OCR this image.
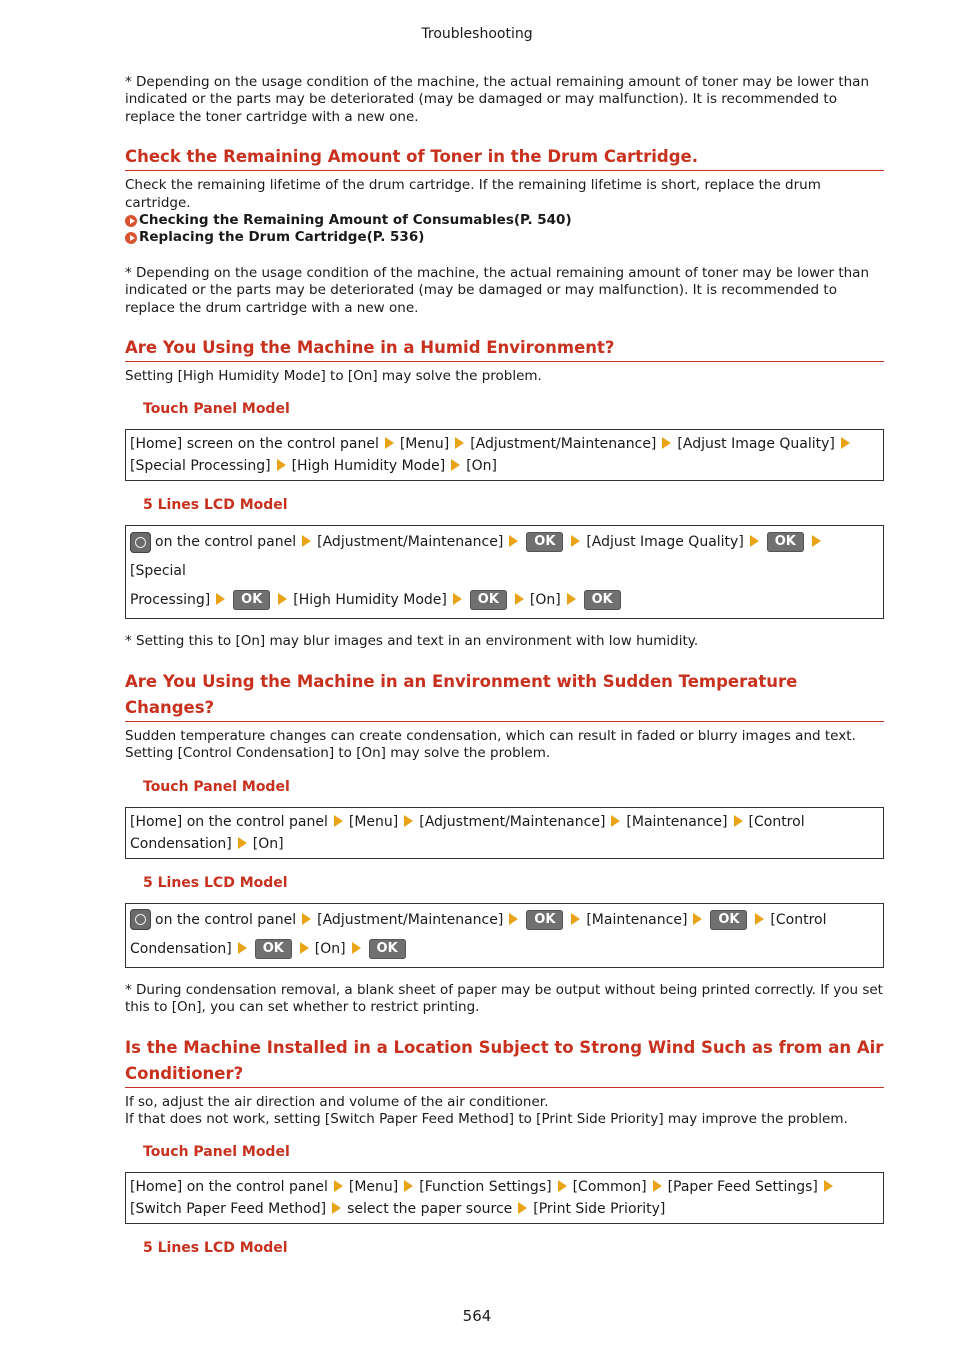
Troubleshooting

* Depending on the usage condition of the machine, the actual remaining amount of toner may be lower than indicated or the parts may be deteriorated (may be damaged or may malfunction). It is recommended to replace the toner cartridge with a new one.

Check the Remaining Amount of Toner in the Drum Cartridge.

Check the remaining lifetime of the drum cartridge. If the remaining lifetime is short, replace the drum cartridge.

Checking the Remaining Amount of Consumables(P. 540)
Replacing the Drum Cartridge(P. 536)

* Depending on the usage condition of the machine, the actual remaining amount of toner may be lower than indicated or the parts may be deteriorated (may be damaged or may malfunction). It is recommended to replace the drum cartridge with a new one.

Are You Using the Machine in a Humid Environment?

Setting [High Humidity Mode] to [On] may solve the problem.

Touch Panel Model
[Home] screen on the control panel [Menu] [Adjustment/Maintenance] [Adjust Image Quality]
[Special Processing] [High Humidity Mode] [On]
5 Lines LCD Model
on the control panel [Adjustment/Maintenance] OK [Adjust Image Quality] OK[Special
Processing] OK [High Humidity Mode] OK [On] OK

* Setting this to [On] may blur images and text in an environment with low humidity.

Are You Using the Machine in an Environment with Sudden Temperature Changes?

Sudden temperature changes can create condensation, which can result in faded or blurry images and text.

Setting [Control Condensation] to [On] may solve the problem.

Touch Panel Model
[Home] on the control panel [Menu] [Adjustment/Maintenance] [Maintenance] [Control Condensation] [On]
5 Lines LCD Model
on the control panel [Adjustment/Maintenance] OK [Maintenance] OK [Control
Condensation] OK [On] OK

* During condensation removal, a blank sheet of paper may be output without being printed correctly. If you set this to [On], you can set whether to restrict printing.

Is the Machine Installed in a Location Subject to Strong Wind Such as from an Air Conditioner?

If so, adjust the air direction and volume of the air conditioner.

If that does not work, setting [Switch Paper Feed Method] to [Print Side Priority] may improve the problem.

Touch Panel Model
[Home] on the control panel [Menu] [Function Settings] [Common] [Paper Feed Settings][Switch Paper Feed Method] select the paper source [Print Side Priority]
5 Lines LCD Model
564
